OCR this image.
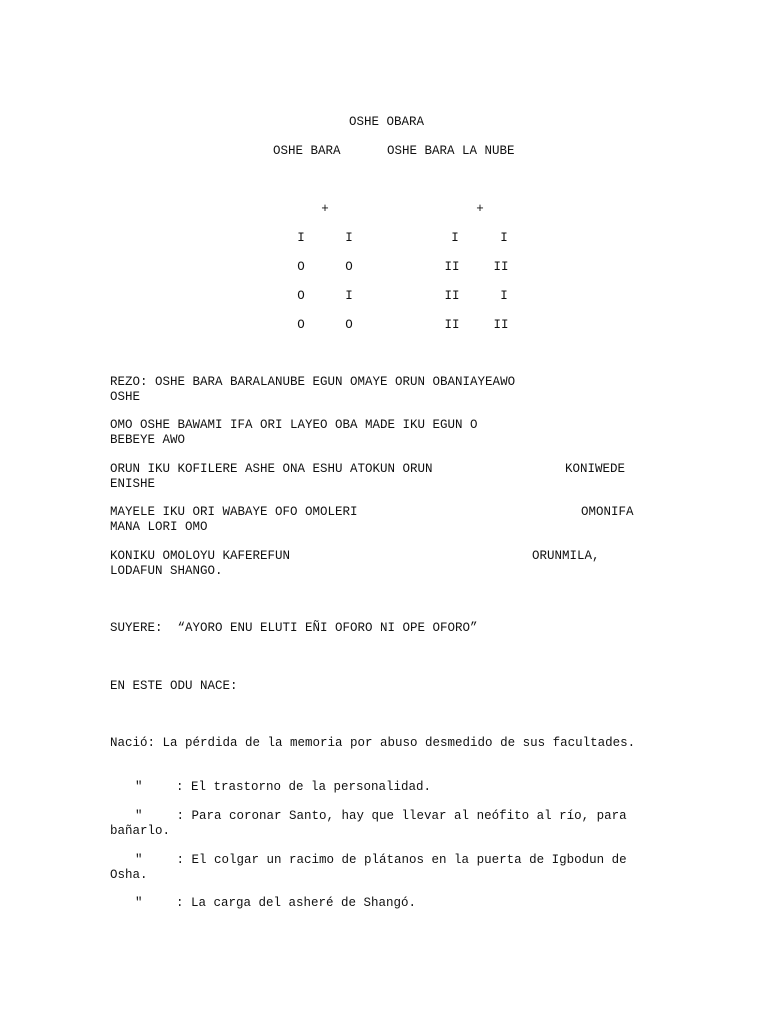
OSHE OBARA
OSHE BARA	OSHE BARA LA NUBE
+
I	I
O	O
O	I
O	O
+
I	I
II	II
II	I
II	II
REZO: OSHE BARA BARALANUBE EGUN OMAYE ORUN OBANIAYEAWO
OSHE
OMO OSHE BAWAMI IFA ORI LAYEO OBA MADE IKU EGUN O
BEBEYE AWO
ORUN IKU KOFILERE ASHE ONA ESHU ATOKUN ORUN	KONIWEDE
ENISHE
MAYELE IKU ORI WABAYE OFO OMOLERI	OMONIFA
MANA LORI OMO
KONIKU OMOLOYU KAFEREFUN	ORUNMILA,
LODAFUN SHANGO.
SUYERE:  “AYORO ENU ELUTI EÑI OFORO NI OPE OFORO”
EN ESTE ODU NACE:
Nació: La pérdida de la memoria por abuso desmedido de sus facultades.
"	: El trastorno de la personalidad.
"	: Para coronar Santo, hay que llevar al neófito al río, para bañarlo.
"	: El colgar un racimo de plátanos en la puerta de Igbodun de Osha.
"	: La carga del asheré de Shangó.
